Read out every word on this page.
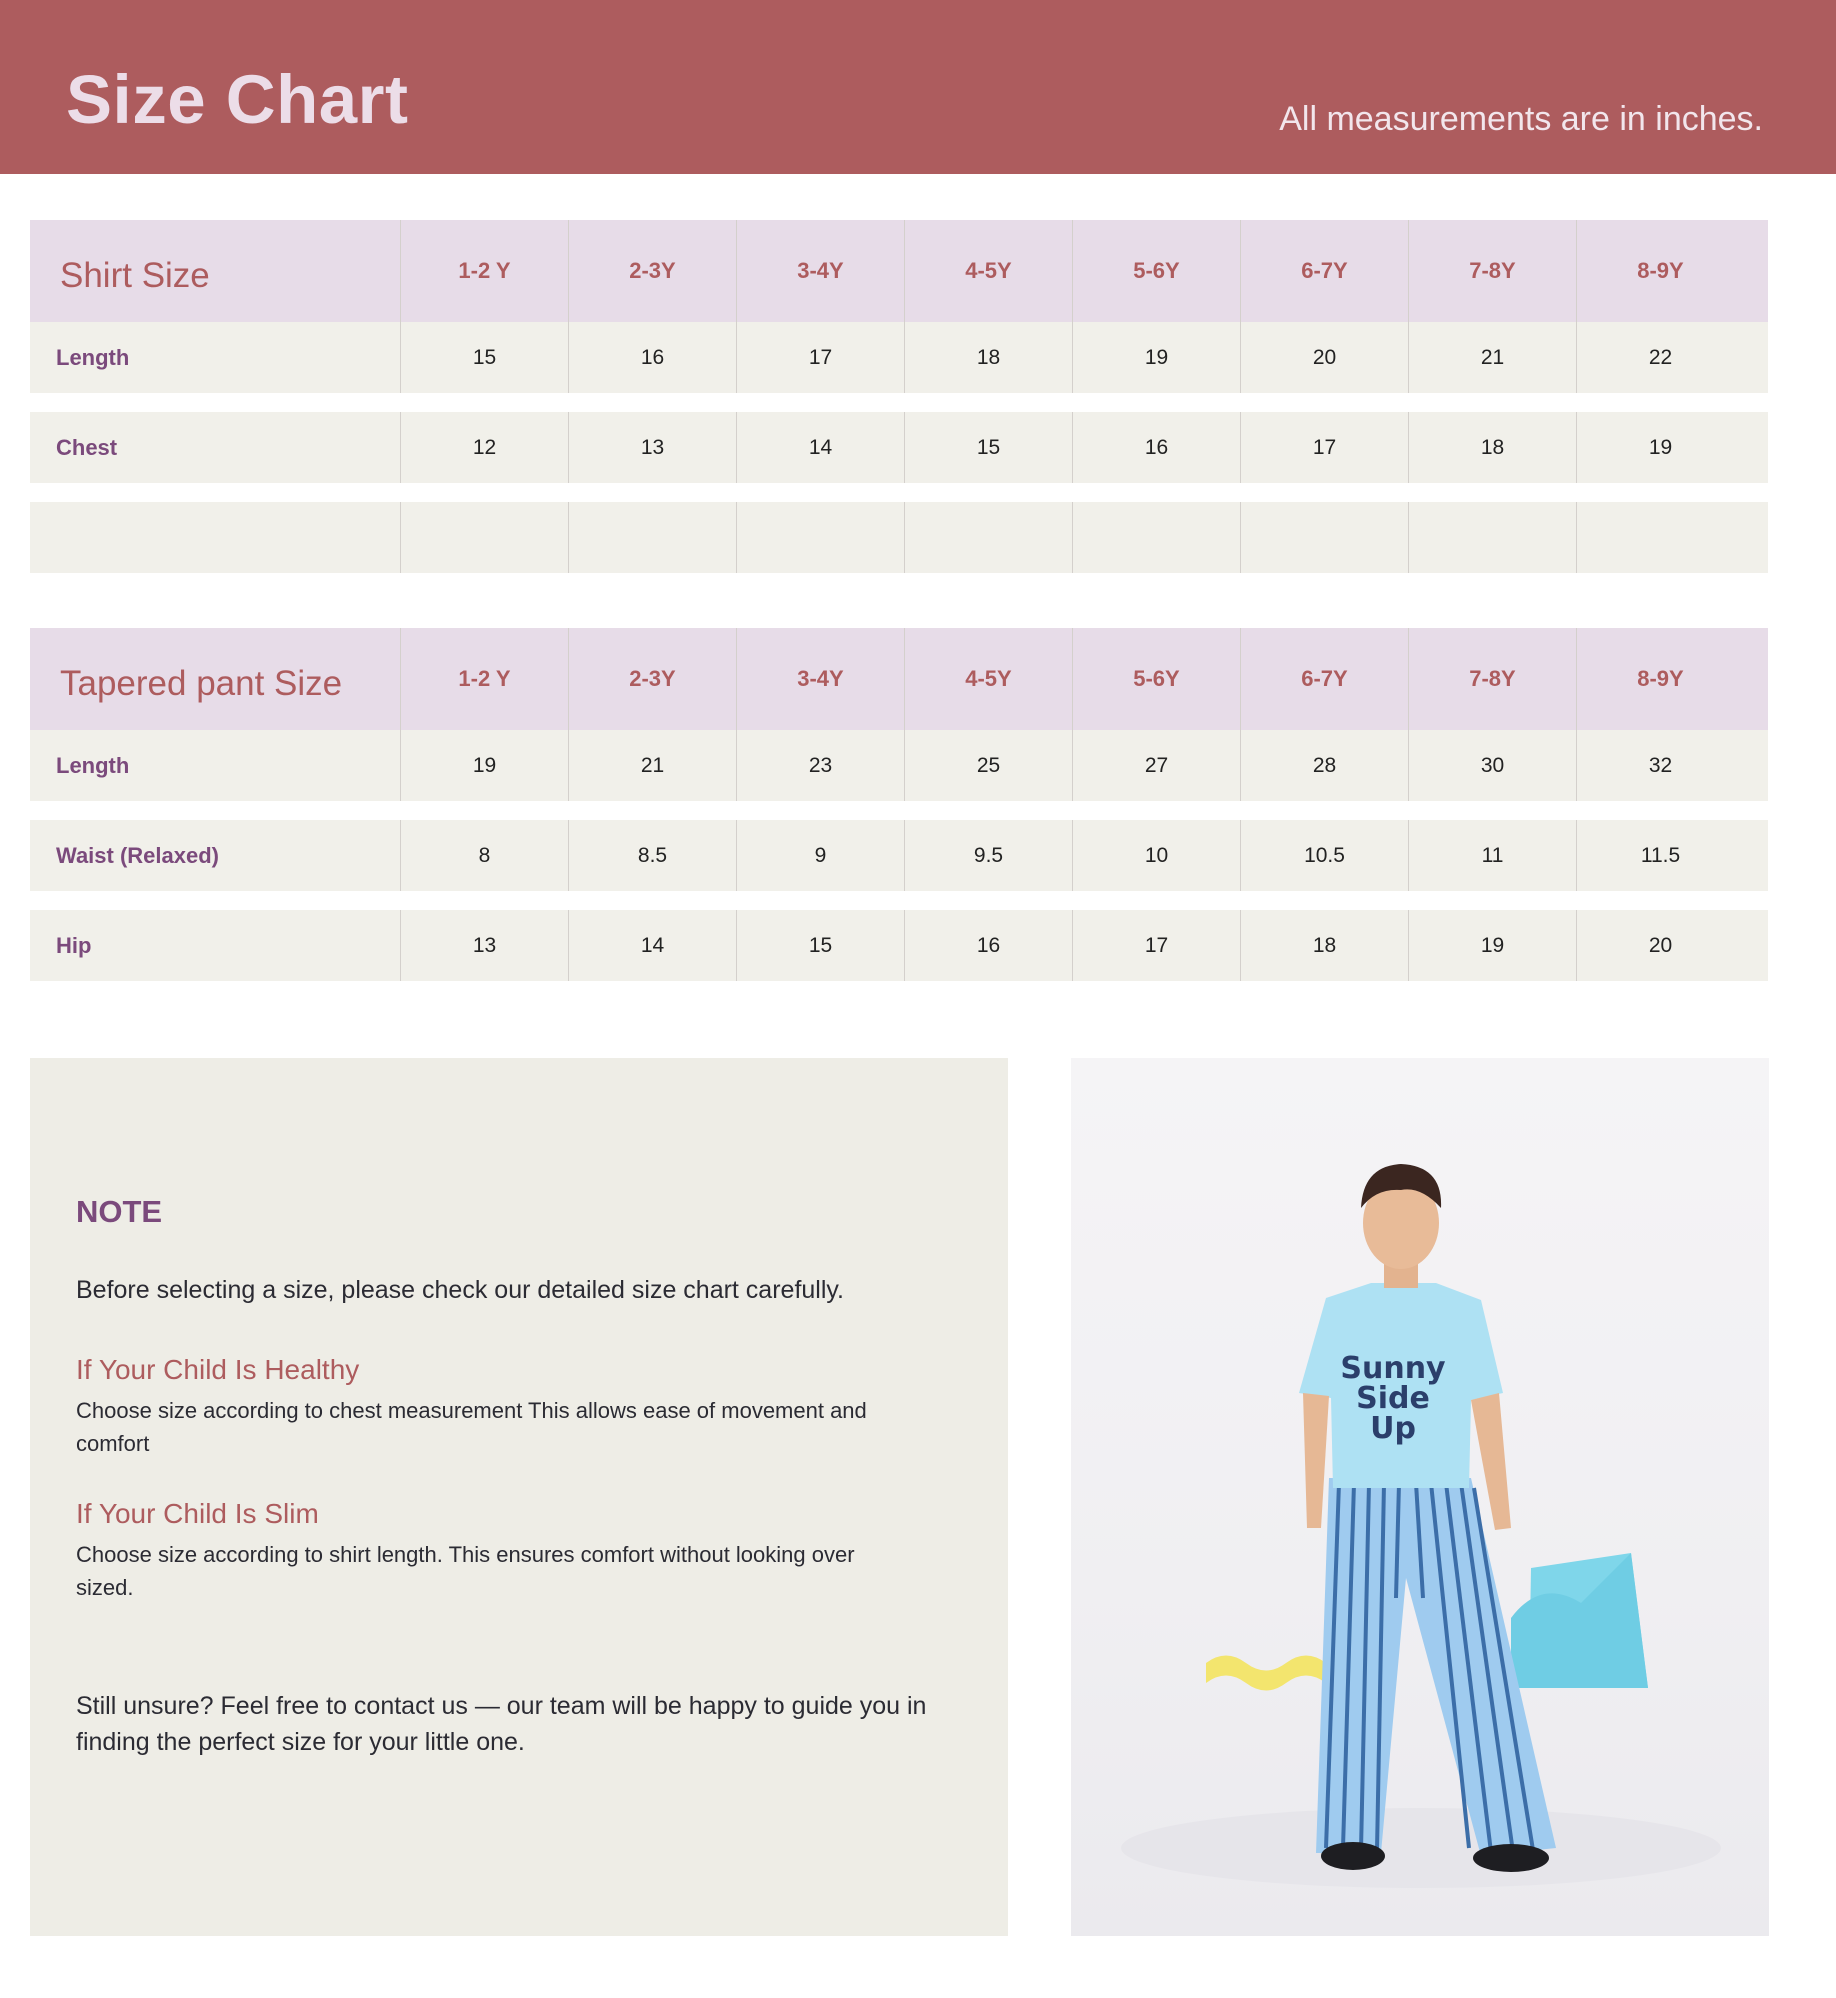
Size Chart	All measurements are in inches.
Shirt Size	1-2 Y	2-3Y	3-4Y	4-5Y	5-6Y	6-7Y	7-8Y	8-9Y
Length	15	16	17	18	19	20	21	22
Chest	12	13	14	15	16	17	18	19
Tapered pant Size	1-2 Y	2-3Y	3-4Y	4-5Y	5-6Y	6-7Y	7-8Y	8-9Y
Length	19	21	23	25	27	28	30	32
Waist (Relaxed)	8	8.5	9	9.5	10	10.5	11	11.5
Hip	13	14	15	16	17	18	19	20
NOTE
Before selecting a size, please check our detailed size chart carefully.
If Your Child Is Healthy
Choose size according to chest measurement This allows ease of movement and comfort
If Your Child Is Slim
Choose size according to shirt length. This ensures comfort without looking over sized.
Still unsure? Feel free to contact us — our team will be happy to guide you in finding the perfect size for your little one.
Sunny
Side
Up
